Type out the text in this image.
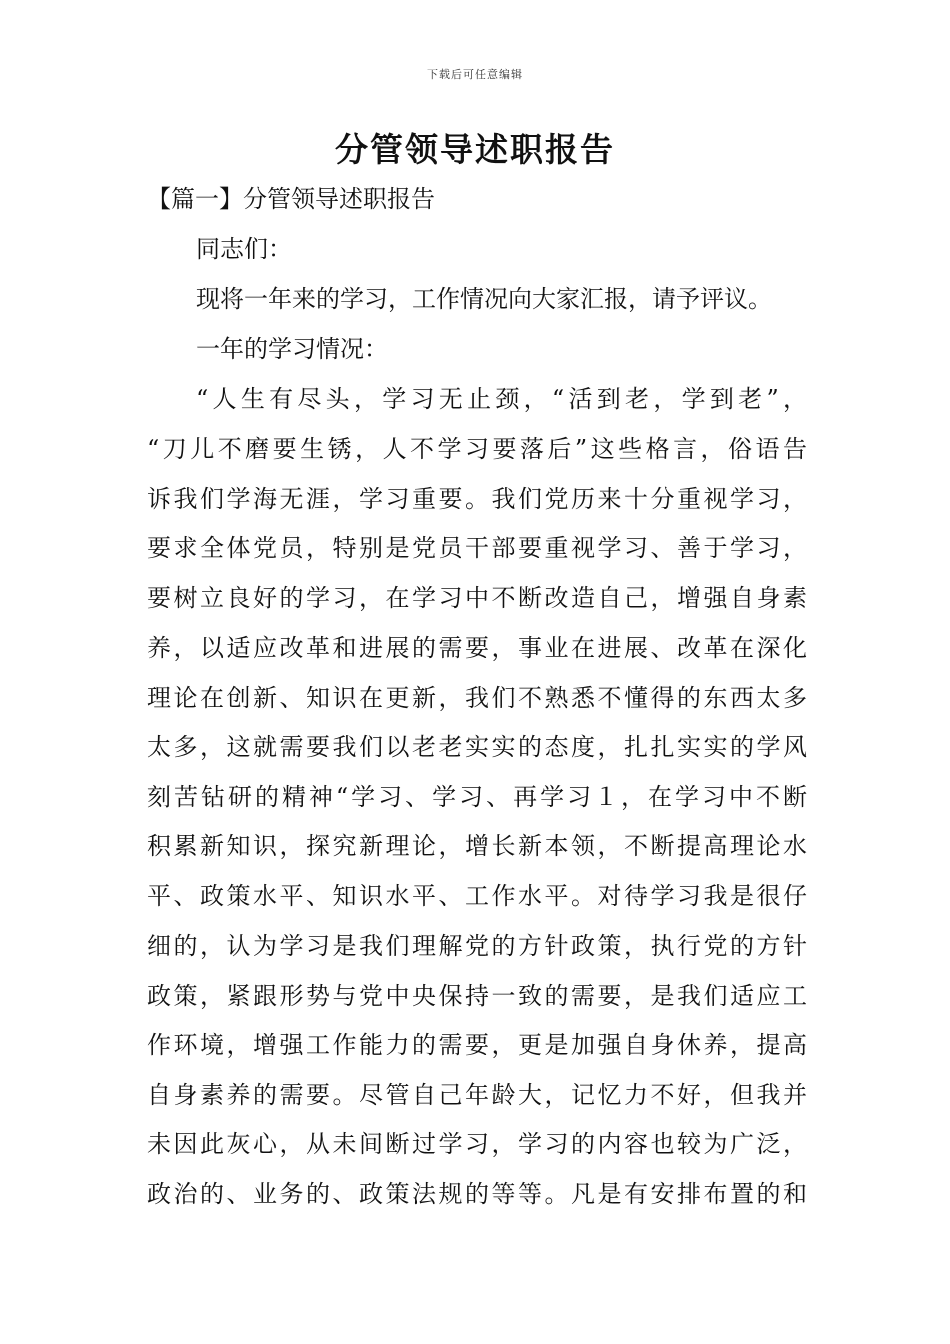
下载后可任意编辑
分管领导述职报告
【篇一】分管领导述职报告
同志们：
现将一年来的学习，工作情况向大家汇报，请予评议。
一年的学习情况：
“人生有尽头，学习无止颈，“活到老，学到老”，
“刀儿不磨要生锈，人不学习要落后”这些格言，俗语告
诉我们学海无涯，学习重要。我们党历来十分重视学习，
要求全体党员，特别是党员干部要重视学习、善于学习，
要树立良好的学习，在学习中不断改造自己，增强自身素
养，以适应改革和进展的需要，事业在进展、改革在深化
理论在创新、知识在更新，我们不熟悉不懂得的东西太多
太多，这就需要我们以老老实实的态度，扎扎实实的学风
刻苦钻研的精神“学习、学习、再学习１，在学习中不断
积累新知识，探究新理论，增长新本领，不断提高理论水
平、政策水平、知识水平、工作水平。对待学习我是很仔
细的，认为学习是我们理解党的方针政策，执行党的方针
政策，紧跟形势与党中央保持一致的需要，是我们适应工
作环境，增强工作能力的需要，更是加强自身休养，提高
自身素养的需要。尽管自己年龄大，记忆力不好，但我并
未因此灰心，从未间断过学习，学习的内容也较为广泛，
政治的、业务的、政策法规的等等。凡是有安排布置的和
